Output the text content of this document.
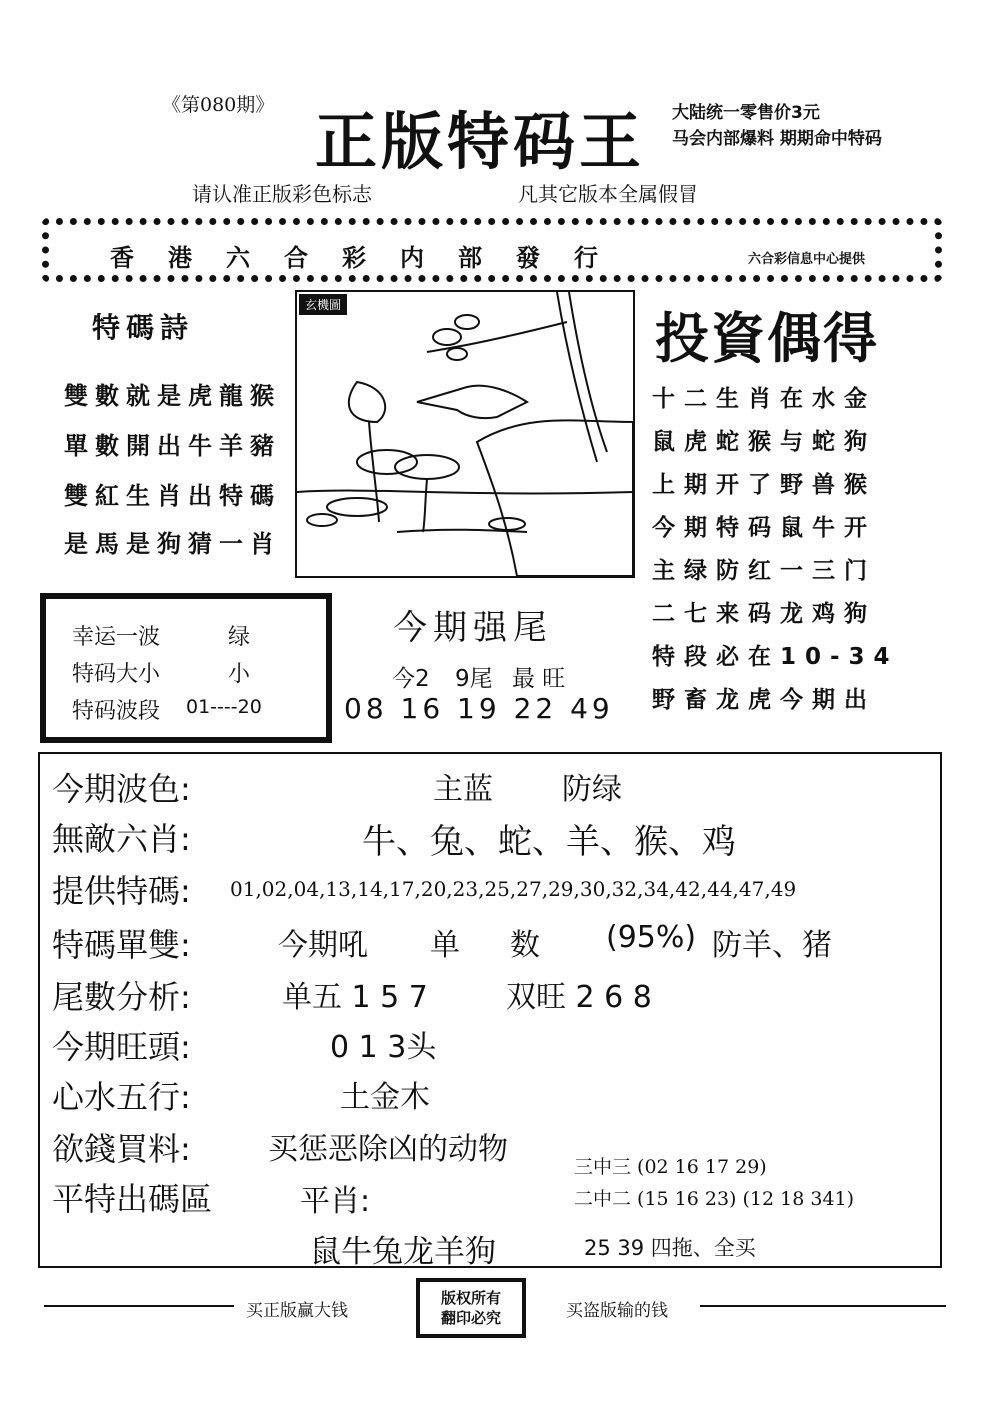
《第080期》 正版特码王 大陆统一零售价3元
马会内部爆料 期期命中特码
请认准正版彩色标志	凡其它版本全属假冒
香港六合彩内部發行	六合彩信息中心提供
特碼詩
雙數就是虎龍猴
單數開出牛羊豬
雙紅生肖出特碼
是馬是狗猜一肖
玄機圖
投資偶得
十二生肖在水金
鼠虎蛇猴与蛇狗
上期开了野兽猴
今期特码鼠牛开
主绿防红一三门
二七来码龙鸡狗
特段必在10-34
野畜龙虎今期出
幸运一波	绿
特码大小	小
特码波段 01----20
今期强尾
今2 9尾 最 旺
08 16 19 22 49
今期波色:	主蓝 防绿
無敵六肖:	牛、兔、蛇、羊、猴、鸡
提供特碼: 01,02,04,13,14,17,20,23,25,27,29,30,32,34,42,44,47,49
特碼單雙:	今期吼 单 数 (95%) 防羊、猪
尾數分析:	单五 1 5 7	双旺 2 6 8
今期旺頭:	0 1 3头
心水五行:	土金木
欲錢買料:	买惩恶除凶的动物
平特出碼區	平肖:
三中三 (02 16 17 29)
二中二 (15 16 23) (12 18 341)
鼠牛兔龙羊狗	25 39 四拖、全买
买正版赢大钱
版权所有
翻印必究	买盗版输的钱
